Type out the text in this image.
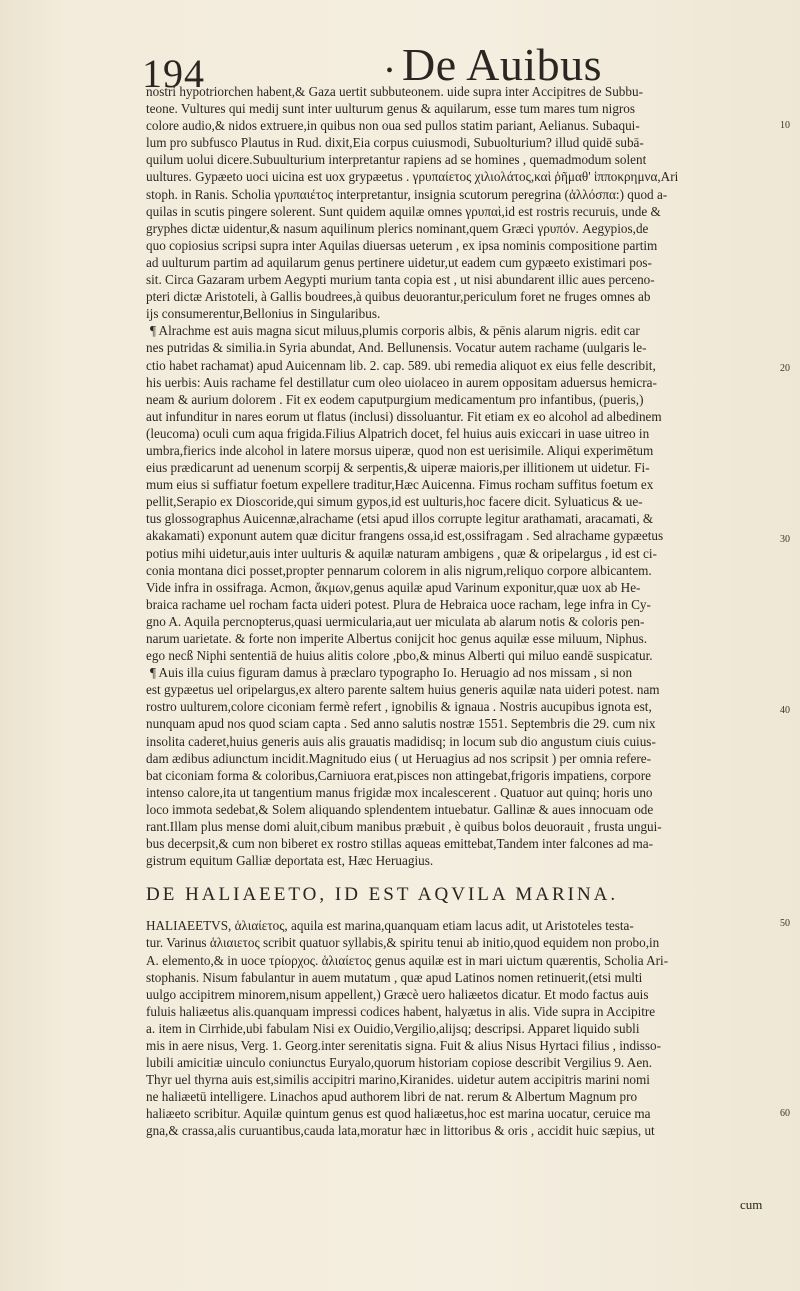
194	• De Auibus
nostri hypotriorchen habent,& Gaza uertit subbuteonem. uide supra inter Accipitres de Subbu-
teone. Vultures qui medij sunt inter uulturum genus & aquilarum, esse tum mares tum nigros
colore audio,& nidos extruere,in quibus non oua sed pullos statim pariant, Aelianus. Subaqui-
lum pro subfusco Plautus in Rud. dixit,Eia corpus cuiusmodi, Subuolturium? illud quidē subā-
quilum uolui dicere.Subuulturium interpretantur rapiens ad se homines , quemadmodum solent
uultures. Gypæeto uoci uicina est uox grypæetus . γρυπαίετος χιλιολάτος,καὶ ῥῆμαθ' ἱπποκρημνα,Ari
stoph. in Ranis. Scholia γρυπαιέτος interpretantur, insignia scutorum peregrina (ἀλλόσπα:) quod a-
quilas in scutis pingere solerent. Sunt quidem aquilæ omnes γρυπαὶ,id est rostris recuruis, unde &
gryphes dictæ uidentur,& nasum aquilinum plerics nominant,quem Græci γρυπόν. Aegypios,de
quo copiosius scripsi supra inter Aquilas diuersas ueterum , ex ipsa nominis compositione partim
ad uulturum partim ad aquilarum genus pertinere uidetur,ut eadem cum gypæeto existimari pos-
sit. Circa Gazaram urbem Aegypti murium tanta copia est , ut nisi abundarent illic aues perceno-
pteri dictæ Aristoteli, à Gallis boudrees,à quibus deuorantur,periculum foret ne fruges omnes ab
ijs consumerentur,Bellonius in Singularibus.
¶ Alrachme est auis magna sicut miluus,plumis corporis albis, & pēnis alarum nigris. edit car
nes putridas & similia.in Syria abundat, And. Bellunensis. Vocatur autem rachame (uulgaris le-
ctio habet rachamat) apud Auicennam lib. 2. cap. 589. ubi remedia aliquot ex eius felle describit,
his uerbis: Auis rachame fel destillatur cum oleo uiolaceo in aurem oppositam aduersus hemicra-
neam & aurium dolorem . Fit ex eodem caputpurgium medicamentum pro infantibus, (pueris,)
aut infunditur in nares eorum ut flatus (inclusi) dissoluantur. Fit etiam ex eo alcohol ad albedinem
(leucoma) oculi cum aqua frigida.Filius Alpatrich docet, fel huius auis exiccari in uase uitreo in
umbra,fierics inde alcohol in latere morsus uiperæ, quod non est uerisimile. Aliqui experimētum
eius prædicarunt ad uenenum scorpij & serpentis,& uiperæ maioris,per illitionem ut uidetur. Fi-
mum eius si suffiatur foetum expellere traditur,Hæc Auicenna. Fimus rocham suffitus foetum ex
pellit,Serapio ex Dioscoride,qui simum gypos,id est uulturis,hoc facere dicit. Syluaticus & ue-
tus glossographus Auicennæ,alrachame (etsi apud illos corrupte legitur arathamati, aracamati, &
akakamati) exponunt autem quæ dicitur frangens ossa,id est,ossifragam . Sed alrachame gypæetus
potius mihi uidetur,auis inter uulturis & aquilæ naturam ambigens , quæ & oripelargus , id est ci-
conia montana dici posset,propter pennarum colorem in alis nigrum,reliquo corpore albicantem.
Vide infra in ossifraga. Acmon, ἄκμων,genus aquilæ apud Varinum exponitur,quæ uox ab He-
braica rachame uel rocham facta uideri potest. Plura de Hebraica uoce racham, lege infra in Cy-
gno A. Aquila percnopterus,quasi uermicularia,aut uer miculata ab alarum notis & coloris pen-
narum uarietate. & forte non imperite Albertus conijcit hoc genus aquilæ esse miluum, Niphus.
ego necß Niphi sententiā de huius alitis colore ,pbo,& minus Alberti qui miluo eandē suspicatur.
¶ Auis illa cuius figuram damus à præclaro typographo Io. Heruagio ad nos missam , si non
est gypæetus uel oripelargus,ex altero parente saltem huius generis aquilæ nata uideri potest. nam
rostro uulturem,colore ciconiam fermè refert , ignobilis & ignaua . Nostris aucupibus ignota est,
nunquam apud nos quod sciam capta . Sed anno salutis nostræ 1551. Septembris die 29. cum nix
insolita caderet,huius generis auis alis grauatis madidisq; in locum sub dio angustum ciuis cuius-
dam ædibus adiunctum incidit.Magnitudo eius ( ut Heruagius ad nos scripsit ) per omnia refere-
bat ciconiam forma & coloribus,Carniuora erat,pisces non attingebat,frigoris impatiens, corpore
intenso calore,ita ut tangentium manus frigidæ mox incalescerent . Quatuor aut quinq; horis uno
loco immota sedebat,& Solem aliquando splendentem intuebatur. Gallinæ & aues innocuam ode
rant.Illam plus mense domi aluit,cibum manibus præbuit , è quibus bolos deuorauit , frusta ungui-
bus decerpsit,& cum non biberet ex rostro stillas aqueas emittebat,Tandem inter falcones ad ma-
gistrum equitum Galliæ deportata est, Hæc Heruagius.
DE HALIAEETO, ID EST AQVILA MARINA.
HALIAEETVS, ἁλιαίετος, aquila est marina,quanquam etiam lacus adit, ut Aristoteles testa-
tur. Varinus ἁλιαιετος scribit quatuor syllabis,& spiritu tenui ab initio,quod equidem non probo,in
A. elemento,& in uoce τρίορχος. ἁλιαίετος genus aquilæ est in mari uictum quærentis, Scholia Ari-
stophanis. Nisum fabulantur in auem mutatum , quæ apud Latinos nomen retinuerit,(etsi multi
uulgo accipitrem minorem,nisum appellent,) Græcè uero haliæetos dicatur. Et modo factus auis
fuluis haliæetus alis.quanquam impressi codices habent, halyætus in alis. Vide supra in Accipitre
a. item in Cirrhide,ubi fabulam Nisi ex Ouidio,Vergilio,alijsq; descripsi. Apparet liquido subli
mis in aere nisus, Verg. 1. Georg.inter serenitatis signa. Fuit & alius Nisus Hyrtaci filius , indisso-
lubili amicitiæ uinculo coniunctus Euryalo,quorum historiam copiose describit Vergilius 9. Aen.
Thyr uel thyrna auis est,similis accipitri marino,Kiranides. uidetur autem accipitris marini nomi
ne haliæetū intelligere. Linachos apud authorem libri de nat. rerum & Albertum Magnum pro
haliæeto scribitur. Aquilæ quintum genus est quod haliæetus,hoc est marina uocatur, ceruice ma
gna,& crassa,alis curuantibus,cauda lata,moratur hæc in littoribus & oris , accidit huic sæpius, ut
10
20
30
40
50
60
cum
